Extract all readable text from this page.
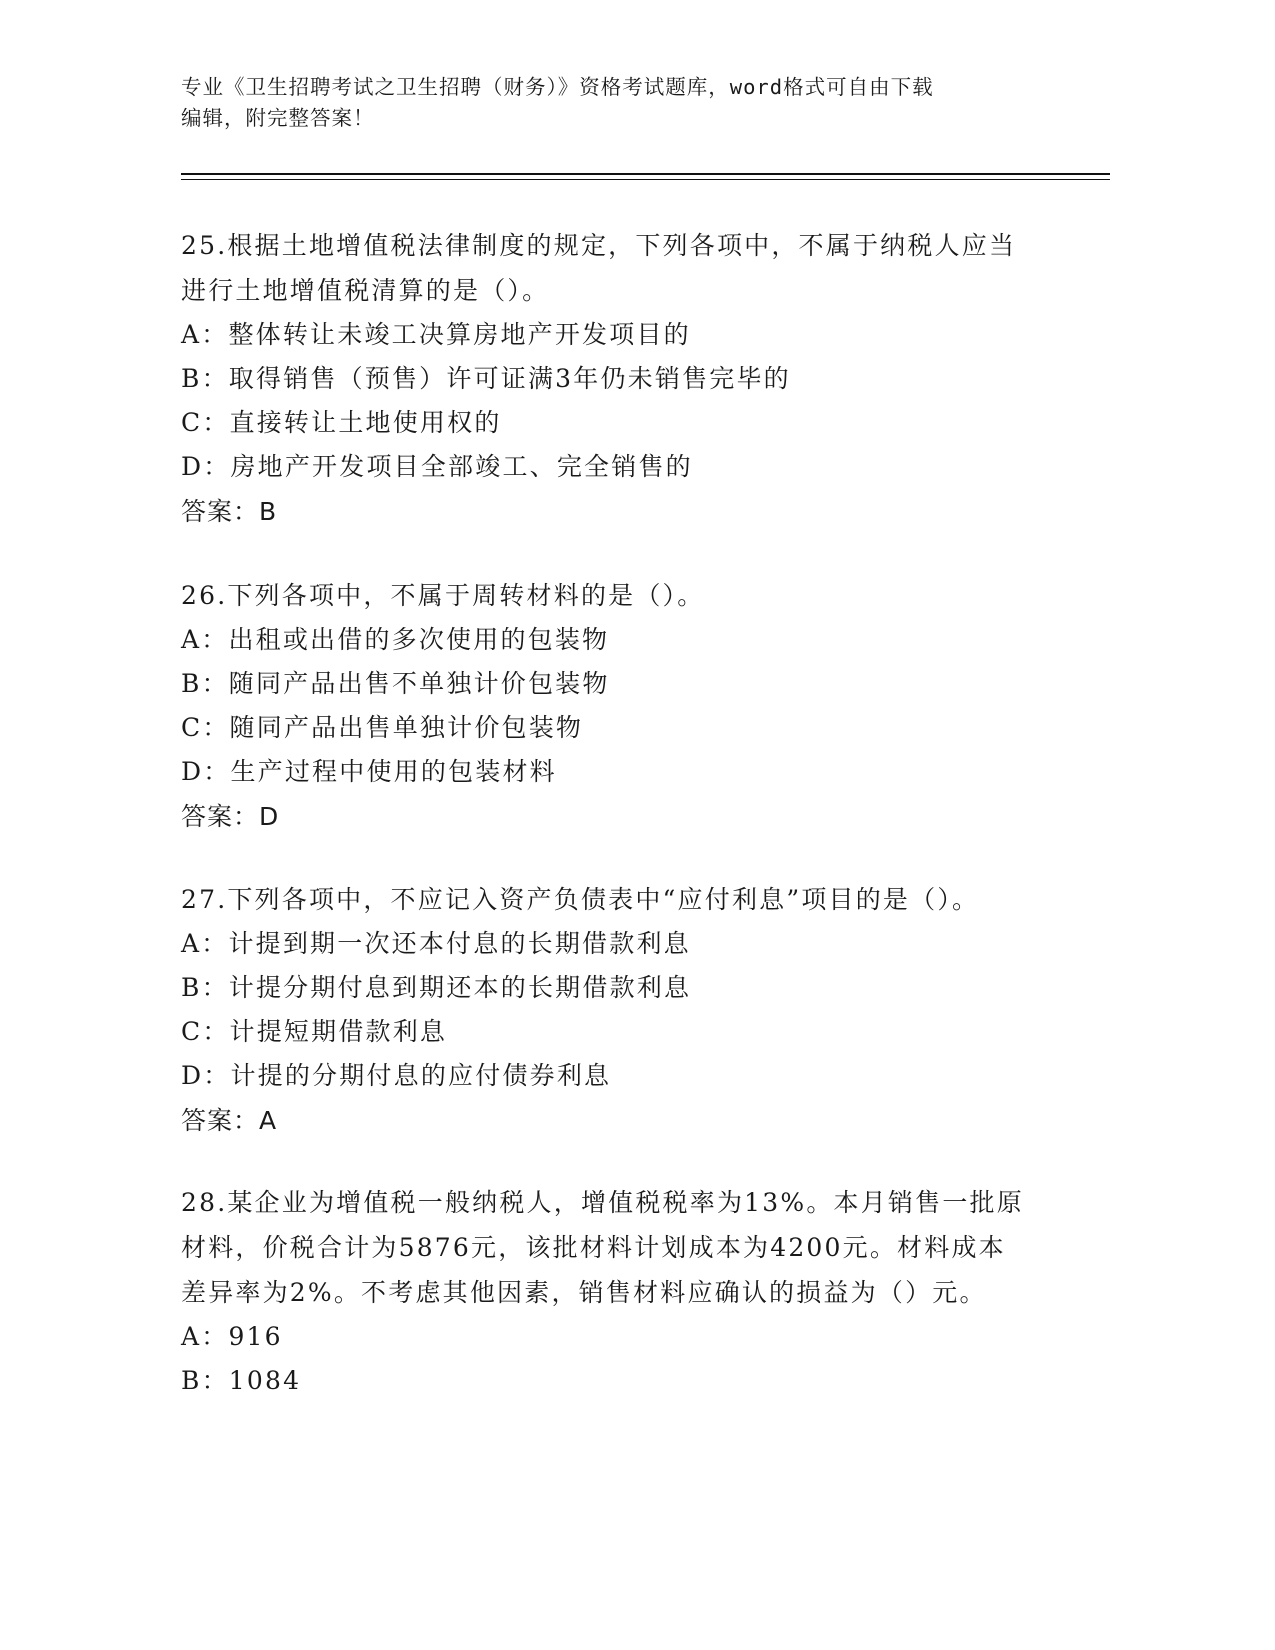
专业《卫生招聘考试之卫生招聘（财务）》资格考试题库，word格式可自由下载
编辑，附完整答案！

25.根据土地增值税法律制度的规定，下列各项中，不属于纳税人应当

进行土地增值税清算的是（）。

A：整体转让未竣工决算房地产开发项目的

B：取得销售（预售）许可证满3年仍未销售完毕的

C：直接转让土地使用权的

D：房地产开发项目全部竣工、完全销售的

答案：B

26.下列各项中，不属于周转材料的是（）。

A：出租或出借的多次使用的包装物

B：随同产品出售不单独计价包装物

C：随同产品出售单独计价包装物

D：生产过程中使用的包装材料

答案：D

27.下列各项中，不应记入资产负债表中“应付利息”项目的是（）。

A：计提到期一次还本付息的长期借款利息

B：计提分期付息到期还本的长期借款利息

C：计提短期借款利息

D：计提的分期付息的应付债券利息

答案：A

28.某企业为增值税一般纳税人，增值税税率为13%。本月销售一批原

材料，价税合计为5876元，该批材料计划成本为4200元。材料成本

差异率为2%。不考虑其他因素，销售材料应确认的损益为（）元。

A：916

B：1084
